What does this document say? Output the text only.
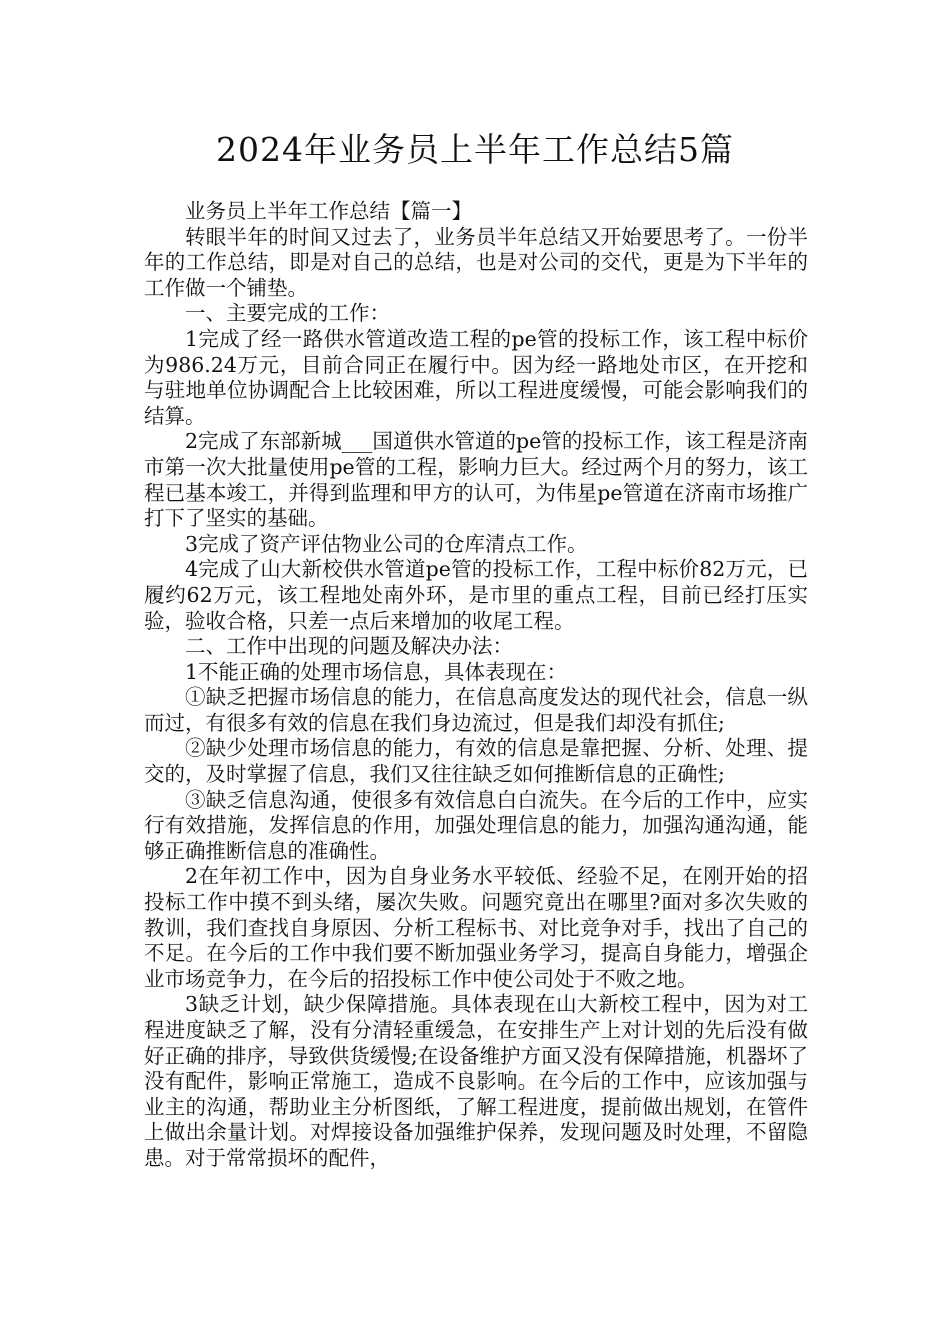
2024年业务员上半年工作总结5篇

业务员上半年工作总结【篇一】

转眼半年的时间又过去了，业务员半年总结又开始要思考了。一份半年的工作总结，即是对自己的总结，也是对公司的交代，更是为下半年的工作做一个铺垫。

一、主要完成的工作：

1完成了经一路供水管道改造工程的pe管的投标工作，该工程中标价为986.24万元，目前合同正在履行中。因为经一路地处市区，在开挖和与驻地单位协调配合上比较困难，所以工程进度缓慢，可能会影响我们的结算。

2完成了东部新城___国道供水管道的pe管的投标工作，该工程是济南市第一次大批量使用pe管的工程，影响力巨大。经过两个月的努力，该工程已基本竣工，并得到监理和甲方的认可，为伟星pe管道在济南市场推广打下了坚实的基础。

3完成了资产评估物业公司的仓库清点工作。

4完成了山大新校供水管道pe管的投标工作，工程中标价82万元，已履约62万元，该工程地处南外环，是市里的重点工程，目前已经打压实验，验收合格，只差一点后来增加的收尾工程。

二、工作中出现的问题及解决办法：

1不能正确的处理市场信息，具体表现在：

①缺乏把握市场信息的能力，在信息高度发达的现代社会，信息一纵而过，有很多有效的信息在我们身边流过，但是我们却没有抓住;

②缺少处理市场信息的能力，有效的信息是靠把握、分析、处理、提交的，及时掌握了信息，我们又往往缺乏如何推断信息的正确性;

③缺乏信息沟通，使很多有效信息白白流失。在今后的工作中，应实行有效措施，发挥信息的作用，加强处理信息的能力，加强沟通沟通，能够正确推断信息的准确性。

2在年初工作中，因为自身业务水平较低、经验不足，在刚开始的招投标工作中摸不到头绪，屡次失败。问题究竟出在哪里?面对多次失败的教训，我们查找自身原因、分析工程标书、对比竞争对手，找出了自己的不足。在今后的工作中我们要不断加强业务学习，提高自身能力，增强企业市场竞争力，在今后的招投标工作中使公司处于不败之地。

3缺乏计划，缺少保障措施。具体表现在山大新校工程中，因为对工程进度缺乏了解，没有分清轻重缓急，在安排生产上对计划的先后没有做好正确的排序，导致供货缓慢;在设备维护方面又没有保障措施，机器坏了没有配件，影响正常施工，造成不良影响。在今后的工作中，应该加强与业主的沟通，帮助业主分析图纸，了解工程进度，提前做出规划，在管件上做出余量计划。对焊接设备加强维护保养，发现问题及时处理，不留隐患。对于常常损坏的配件，
